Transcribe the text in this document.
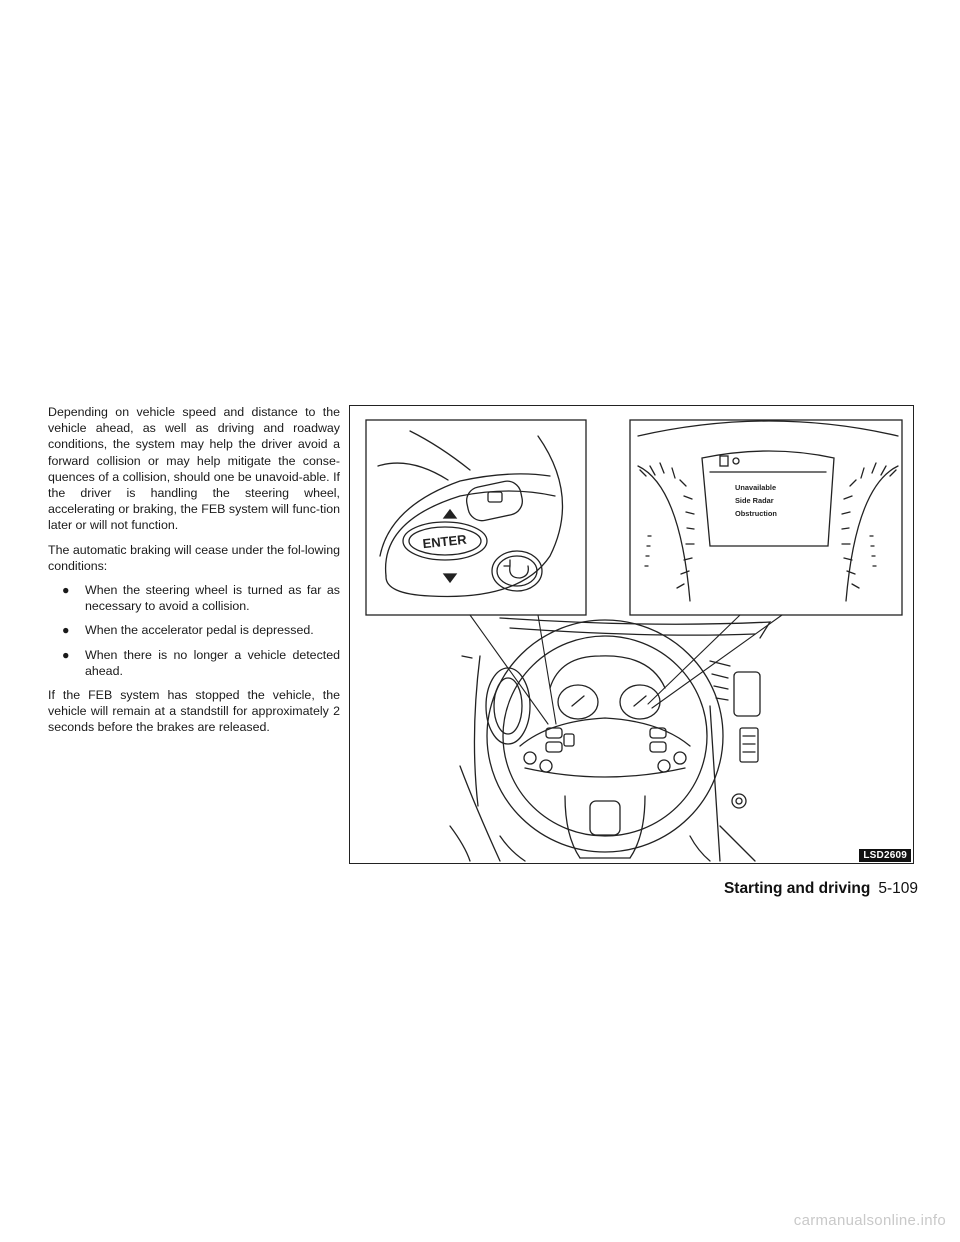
Depending on vehicle speed and distance to the vehicle ahead, as well as driving and roadway conditions, the system may help the driver avoid a forward collision or may help mitigate the conse-quences of a collision, should one be unavoid-able. If the driver is handling the steering wheel, accelerating or braking, the FEB system will func-tion later or will not function.

The automatic braking will cease under the fol-lowing conditions:

● When the steering wheel is turned as far as necessary to avoid a collision.
● When the accelerator pedal is depressed.
● When there is no longer a vehicle detected ahead.

If the FEB system has stopped the vehicle, the vehicle will remain at a standstill for approximately 2 seconds before the brakes are released.

ENTER
Unavailable
Side Radar
Obstruction
LSD2609
Starting and driving 5-109
carmanualsonline.info
